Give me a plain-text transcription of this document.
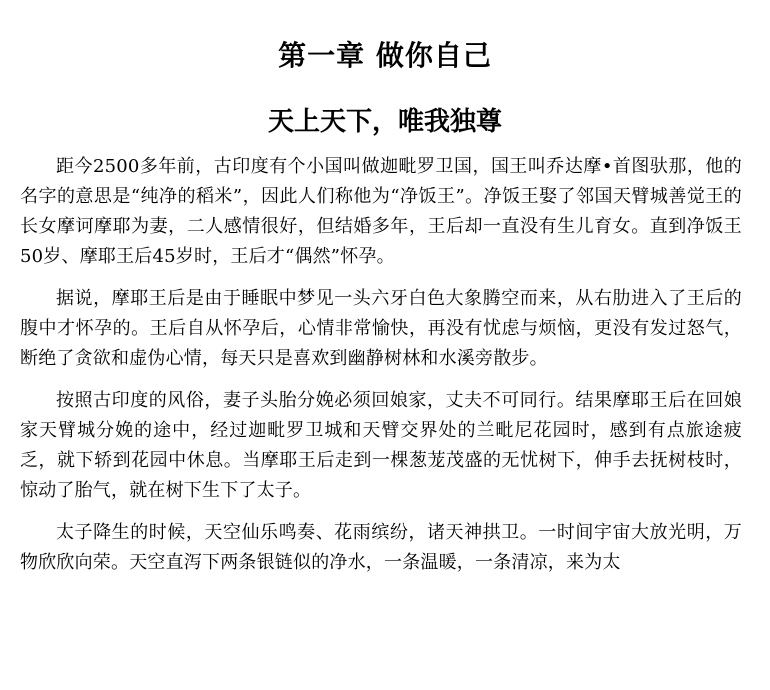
第一章 做你自己
天上天下，唯我独尊

距今2500多年前，古印度有个小国叫做迦毗罗卫国，国王叫乔达摩•首图驮那，他的名字的意思是“纯净的稻米”，因此人们称他为“净饭王”。净饭王娶了邻国天臂城善觉王的长女摩诃摩耶为妻，二人感情很好，但结婚多年，王后却一直没有生儿育女。直到净饭王50岁、摩耶王后45岁时，王后才“偶然”怀孕。

据说，摩耶王后是由于睡眠中梦见一头六牙白色大象腾空而来，从右肋进入了王后的腹中才怀孕的。王后自从怀孕后，心情非常愉快，再没有忧虑与烦恼，更没有发过怒气，断绝了贪欲和虚伪心情，每天只是喜欢到幽静树林和水溪旁散步。

按照古印度的风俗，妻子头胎分娩必须回娘家，丈夫不可同行。结果摩耶王后在回娘家天臂城分娩的途中，经过迦毗罗卫城和天臂交界处的兰毗尼花园时，感到有点旅途疲乏，就下轿到花园中休息。当摩耶王后走到一棵葱茏茂盛的无忧树下，伸手去抚树枝时，惊动了胎气，就在树下生下了太子。

太子降生的时候，天空仙乐鸣奏、花雨缤纷，诸天神拱卫。一时间宇宙大放光明，万物欣欣向荣。天空直泻下两条银链似的净水，一条温暖，一条清凉，来为太
